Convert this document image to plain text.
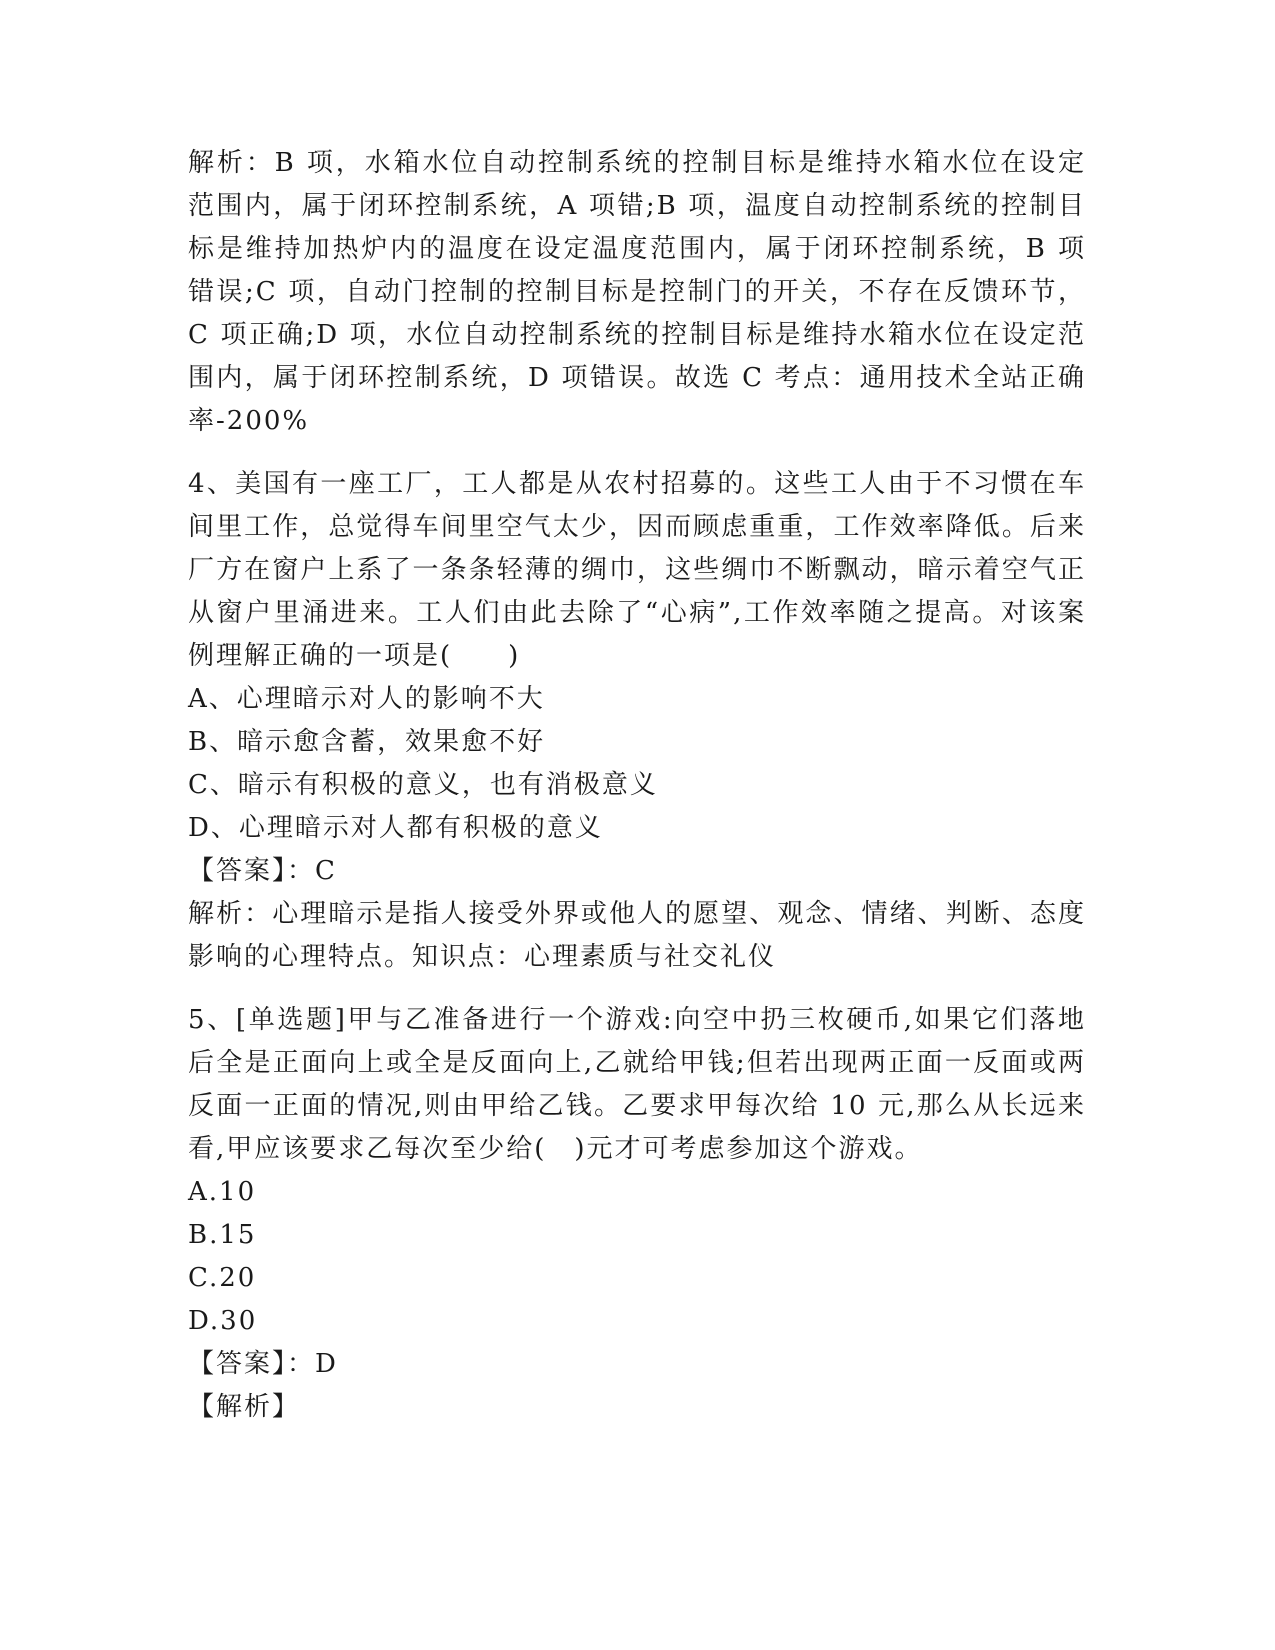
解析：B 项，水箱水位自动控制系统的控制目标是维持水箱水位在设定范围内，属于闭环控制系统，A 项错;B 项，温度自动控制系统的控制目标是维持加热炉内的温度在设定温度范围内，属于闭环控制系统，B 项错误;C 项，自动门控制的控制目标是控制门的开关，不存在反馈环节，C 项正确;D 项，水位自动控制系统的控制目标是维持水箱水位在设定范围内，属于闭环控制系统，D 项错误。故选 C 考点：通用技术全站正确率-200%

4、美国有一座工厂，工人都是从农村招募的。这些工人由于不习惯在车间里工作，总觉得车间里空气太少，因而顾虑重重，工作效率降低。后来厂方在窗户上系了一条条轻薄的绸巾，这些绸巾不断飘动，暗示着空气正从窗户里涌进来。工人们由此去除了“心病”,工作效率随之提高。对该案例理解正确的一项是(　　)

A、心理暗示对人的影响不大

B、暗示愈含蓄，效果愈不好

C、暗示有积极的意义，也有消极意义

D、心理暗示对人都有积极的意义

【答案】：C

解析：心理暗示是指人接受外界或他人的愿望、观念、情绪、判断、态度影响的心理特点。知识点：心理素质与社交礼仪

5、[单选题]甲与乙准备进行一个游戏:向空中扔三枚硬币,如果它们落地后全是正面向上或全是反面向上,乙就给甲钱;但若出现两正面一反面或两反面一正面的情况,则由甲给乙钱。乙要求甲每次给 10 元,那么从长远来看,甲应该要求乙每次至少给(　)元才可考虑参加这个游戏。

A.10

B.15

C.20

D.30

【答案】：D

【解析】
